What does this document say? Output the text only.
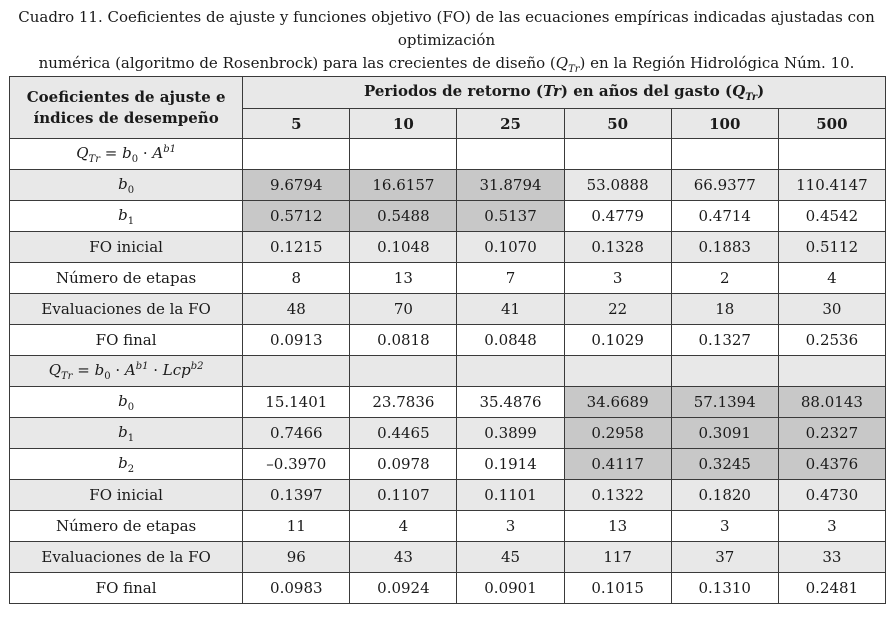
Cuadro 11. Coeficientes de ajuste y funciones objetivo (FO) de las ecuaciones empíricas indicadas ajustadas con optimización
numérica (algoritmo de Rosenbrock) para las crecientes de diseño $(Q_{Tr})$ en la Región Hidrológica Núm. 10.
Coeficientes de ajuste e
índices de desempeño	Periodos de retorno (Tr) en años del gasto $(Q_{Tr})$					
	5	10	25	50	100	500
$Q_{Tr} = b_0 \cdot A^{b1}$						
$b_0$	9.6794	16.6157	31.8794	53.0888	66.9377	110.4147
$b_1$	0.5712	0.5488	0.5137	0.4779	0.4714	0.4542
FO inicial	0.1215	0.1048	0.1070	0.1328	0.1883	0.5112
Número de etapas	8	13	7	3	2	4
Evaluaciones de la FO	48	70	41	22	18	30
FO final	0.0913	0.0818	0.0848	0.1029	0.1327	0.2536
$Q_{Tr} = b_0 \cdot A^{b1} \cdot Lcp^{b2}$						
$b_0$	15.1401	23.7836	35.4876	34.6689	57.1394	88.0143
$b_1$	0.7466	0.4465	0.3899	0.2958	0.3091	0.2327
$b_2$	–0.3970	0.0978	0.1914	0.4117	0.3245	0.4376
FO inicial	0.1397	0.1107	0.1101	0.1322	0.1820	0.4730
Número de etapas	11	4	3	13	3	3
Evaluaciones de la FO	96	43	45	117	37	33
FO final	0.0983	0.0924	0.0901	0.1015	0.1310	0.2481
